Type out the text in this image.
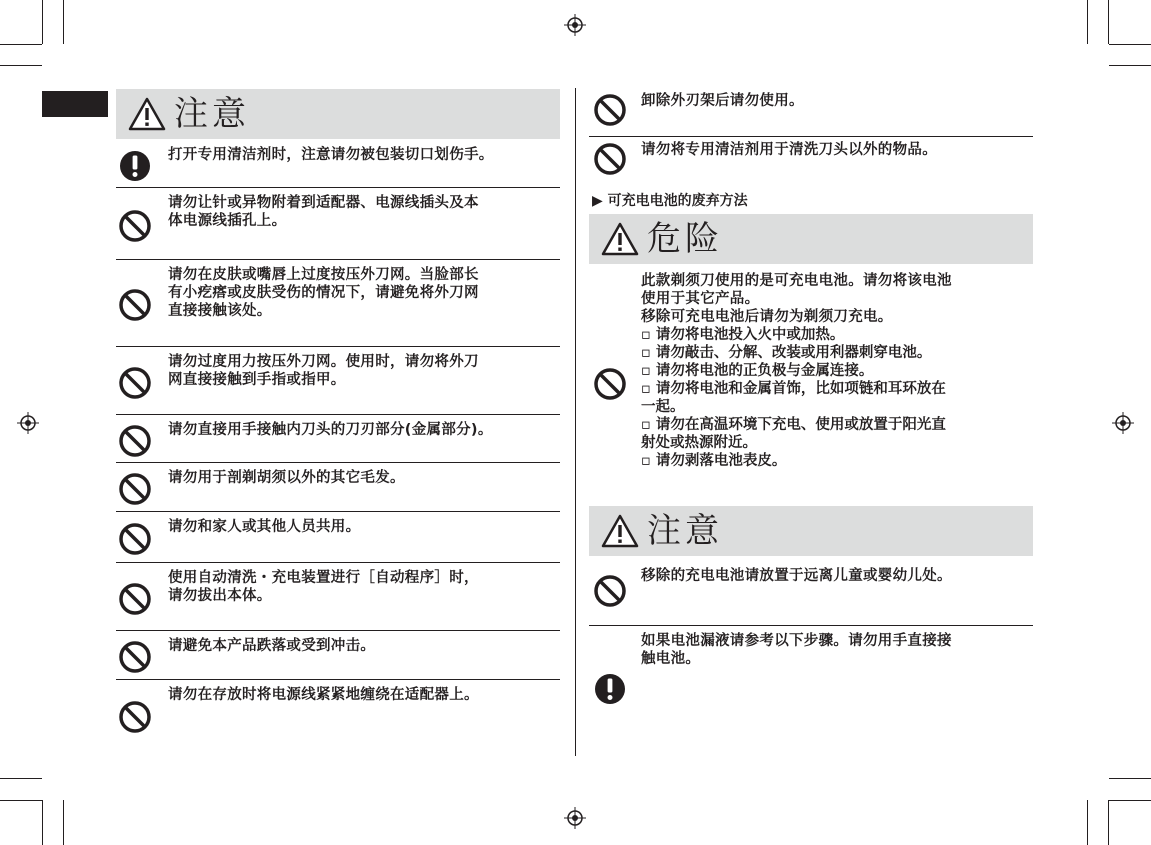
注意
打开专用清洁剂时，注意请勿被包装切口划伤手。
请勿让针或异物附着到适配器、电源线插头及本
体电源线插孔上。
请勿在皮肤或嘴唇上过度按压外刀网。当脸部长
有小疙瘩或皮肤受伤的情况下，请避免将外刀网
直接接触该处。
请勿过度用力按压外刀网。使用时，请勿将外刀
网直接接触到手指或指甲。
请勿直接用手接触内刀头的刀刃部分(金属部分)。
请勿用于剖剃胡须以外的其它毛发。
请勿和家人或其他人员共用。
使用自动清洗・充电装置进行［自动程序］时，
请勿拔出本体。
请避免本产品跌落或受到冲击。
请勿在存放时将电源线紧紧地缠绕在适配器上。
卸除外刃架后请勿使用。
请勿将专用清洁剂用于清洗刀头以外的物品。
▶ 可充电电池的废弃方法
危险
此款剃须刀使用的是可充电电池。请勿将该电池
使用于其它产品。
移除可充电电池后请勿为剃须刀充电。
▫ 请勿将电池投入火中或加热。
▫ 请勿敲击、分解、改装或用利器刺穿电池。
▫ 请勿将电池的正负极与金属连接。
▫ 请勿将电池和金属首饰，比如项链和耳环放在
一起。
▫ 请勿在高温环境下充电、使用或放置于阳光直
射处或热源附近。
▫ 请勿剥落电池表皮。
注意
移除的充电电池请放置于远离儿童或婴幼儿处。
如果电池漏液请参考以下步骤。请勿用手直接接
触电池。
